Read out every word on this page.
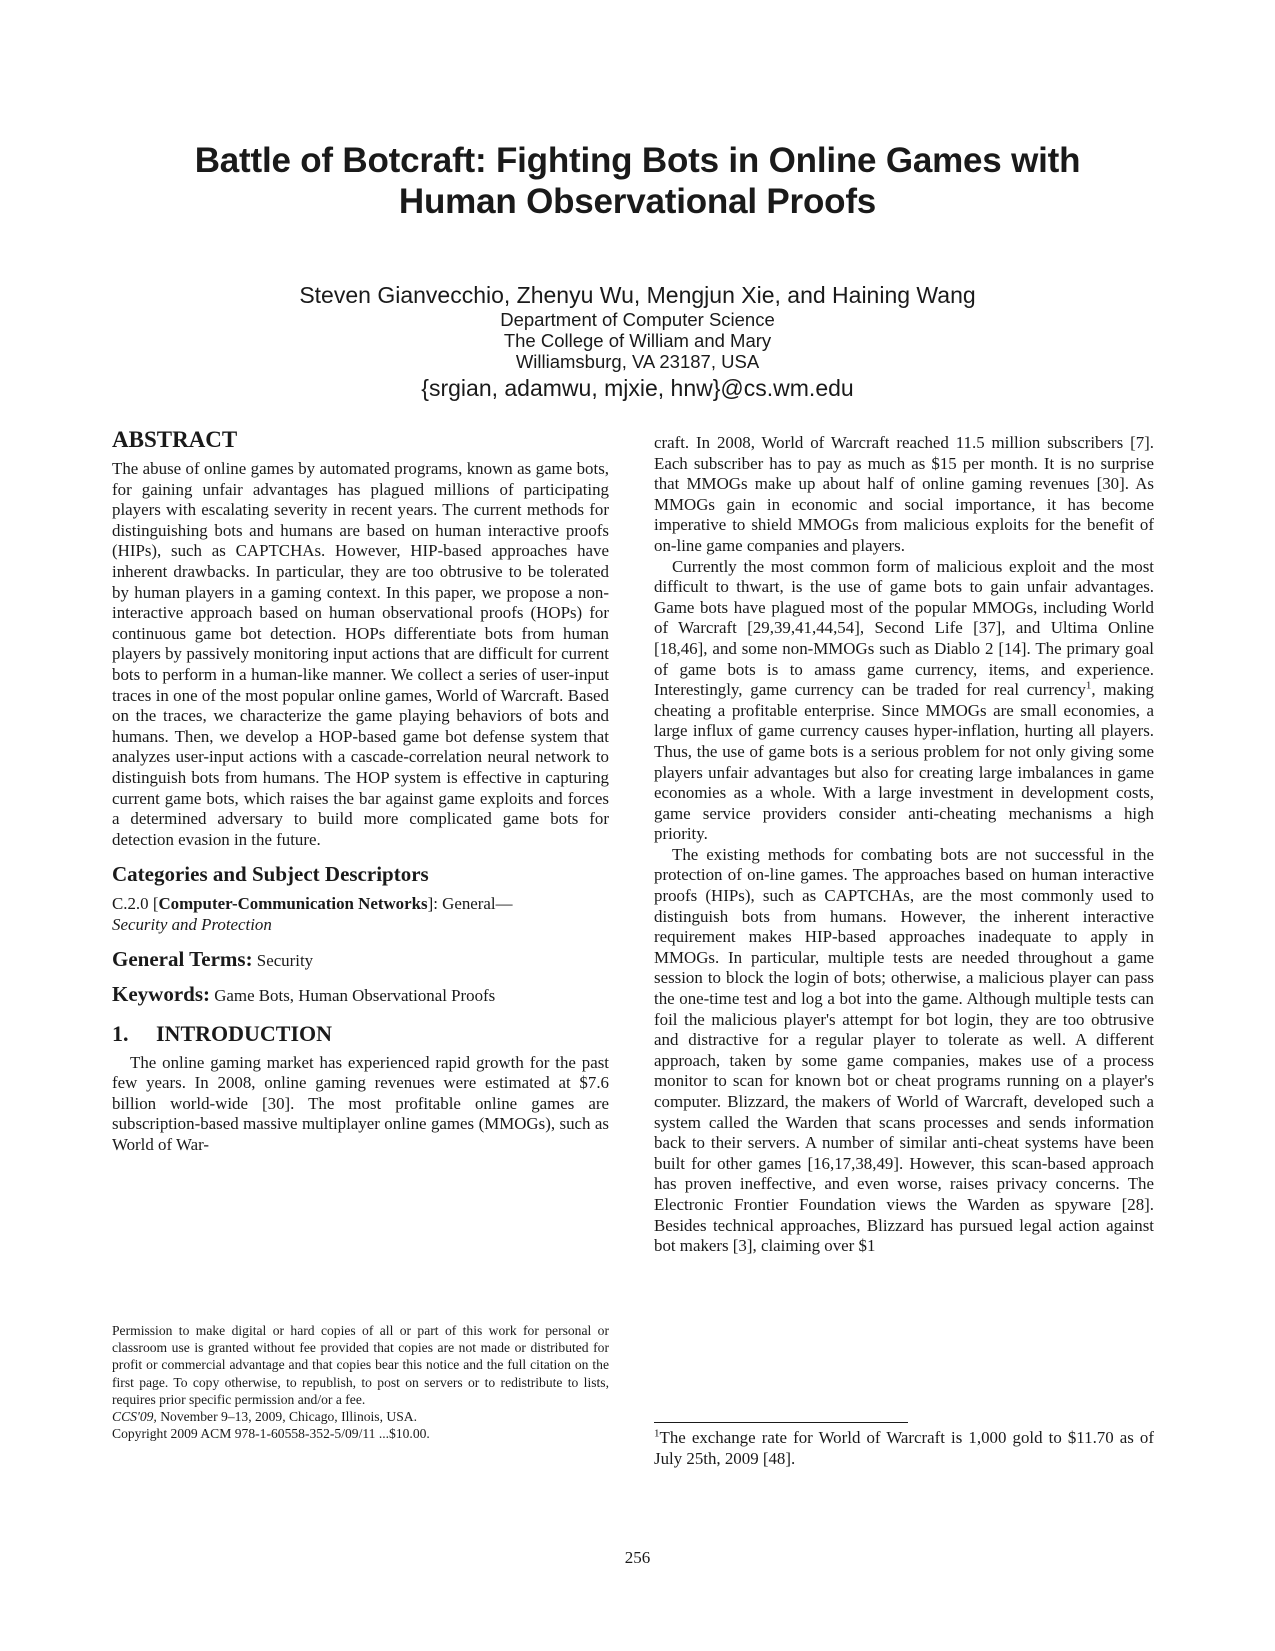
Battle of Botcraft: Fighting Bots in Online Games with
Human Observational Proofs
Steven Gianvecchio, Zhenyu Wu, Mengjun Xie, and Haining Wang
Department of Computer Science
The College of William and Mary
Williamsburg, VA 23187, USA
{srgian, adamwu, mjxie, hnw}@cs.wm.edu
ABSTRACT

The abuse of online games by automated programs, known as game bots, for gaining unfair advantages has plagued millions of participating players with escalating severity in recent years. The current methods for distinguishing bots and humans are based on human interactive proofs (HIPs), such as CAPTCHAs. However, HIP-based approaches have inherent drawbacks. In particular, they are too obtrusive to be tolerated by human players in a gaming context. In this paper, we propose a non-interactive approach based on human observational proofs (HOPs) for continuous game bot detection. HOPs differentiate bots from human players by passively monitoring input actions that are difficult for current bots to perform in a human-like manner. We collect a series of user-input traces in one of the most popular online games, World of Warcraft. Based on the traces, we characterize the game playing behaviors of bots and humans. Then, we develop a HOP-based game bot defense system that analyzes user-input actions with a cascade-correlation neural network to distinguish bots from humans. The HOP system is effective in capturing current game bots, which raises the bar against game exploits and forces a determined adversary to build more complicated game bots for detection evasion in the future.

Categories and Subject Descriptors

C.2.0 [Computer-Communication Networks]: General—
Security and Protection

General Terms: Security

Keywords: Game Bots, Human Observational Proofs

1. INTRODUCTION

The online gaming market has experienced rapid growth for the past few years. In 2008, online gaming revenues were estimated at $7.6 billion world-wide [30]. The most profitable online games are subscription-based massive multiplayer online games (MMOGs), such as World of War-

Permission to make digital or hard copies of all or part of this work for personal or classroom use is granted without fee provided that copies are not made or distributed for profit or commercial advantage and that copies bear this notice and the full citation on the first page. To copy otherwise, to republish, to post on servers or to redistribute to lists, requires prior specific permission and/or a fee.

CCS'09, November 9–13, 2009, Chicago, Illinois, USA.

Copyright 2009 ACM 978-1-60558-352-5/09/11 ...$10.00.

craft. In 2008, World of Warcraft reached 11.5 million subscribers [7]. Each subscriber has to pay as much as $15 per month. It is no surprise that MMOGs make up about half of online gaming revenues [30]. As MMOGs gain in economic and social importance, it has become imperative to shield MMOGs from malicious exploits for the benefit of on-line game companies and players.

Currently the most common form of malicious exploit and the most difficult to thwart, is the use of game bots to gain unfair advantages. Game bots have plagued most of the popular MMOGs, including World of Warcraft [29,39,41,44,54], Second Life [37], and Ultima Online [18,46], and some non-MMOGs such as Diablo 2 [14]. The primary goal of game bots is to amass game currency, items, and experience. Interestingly, game currency can be traded for real currency$^1$, making cheating a profitable enterprise. Since MMOGs are small economies, a large influx of game currency causes hyper-inflation, hurting all players. Thus, the use of game bots is a serious problem for not only giving some players unfair advantages but also for creating large imbalances in game economies as a whole. With a large investment in development costs, game service providers consider anti-cheating mechanisms a high priority.

The existing methods for combating bots are not successful in the protection of on-line games. The approaches based on human interactive proofs (HIPs), such as CAPTCHAs, are the most commonly used to distinguish bots from humans. However, the inherent interactive requirement makes HIP-based approaches inadequate to apply in MMOGs. In particular, multiple tests are needed throughout a game session to block the login of bots; otherwise, a malicious player can pass the one-time test and log a bot into the game. Although multiple tests can foil the malicious player's attempt for bot login, they are too obtrusive and distractive for a regular player to tolerate as well. A different approach, taken by some game companies, makes use of a process monitor to scan for known bot or cheat programs running on a player's computer. Blizzard, the makers of World of Warcraft, developed such a system called the Warden that scans processes and sends information back to their servers. A number of similar anti-cheat systems have been built for other games [16,17,38,49]. However, this scan-based approach has proven ineffective, and even worse, raises privacy concerns. The Electronic Frontier Foundation views the Warden as spyware [28]. Besides technical approaches, Blizzard has pursued legal action against bot makers [3], claiming over $1

$^1$The exchange rate for World of Warcraft is 1,000 gold to $11.70 as of July 25th, 2009 [48].

256
